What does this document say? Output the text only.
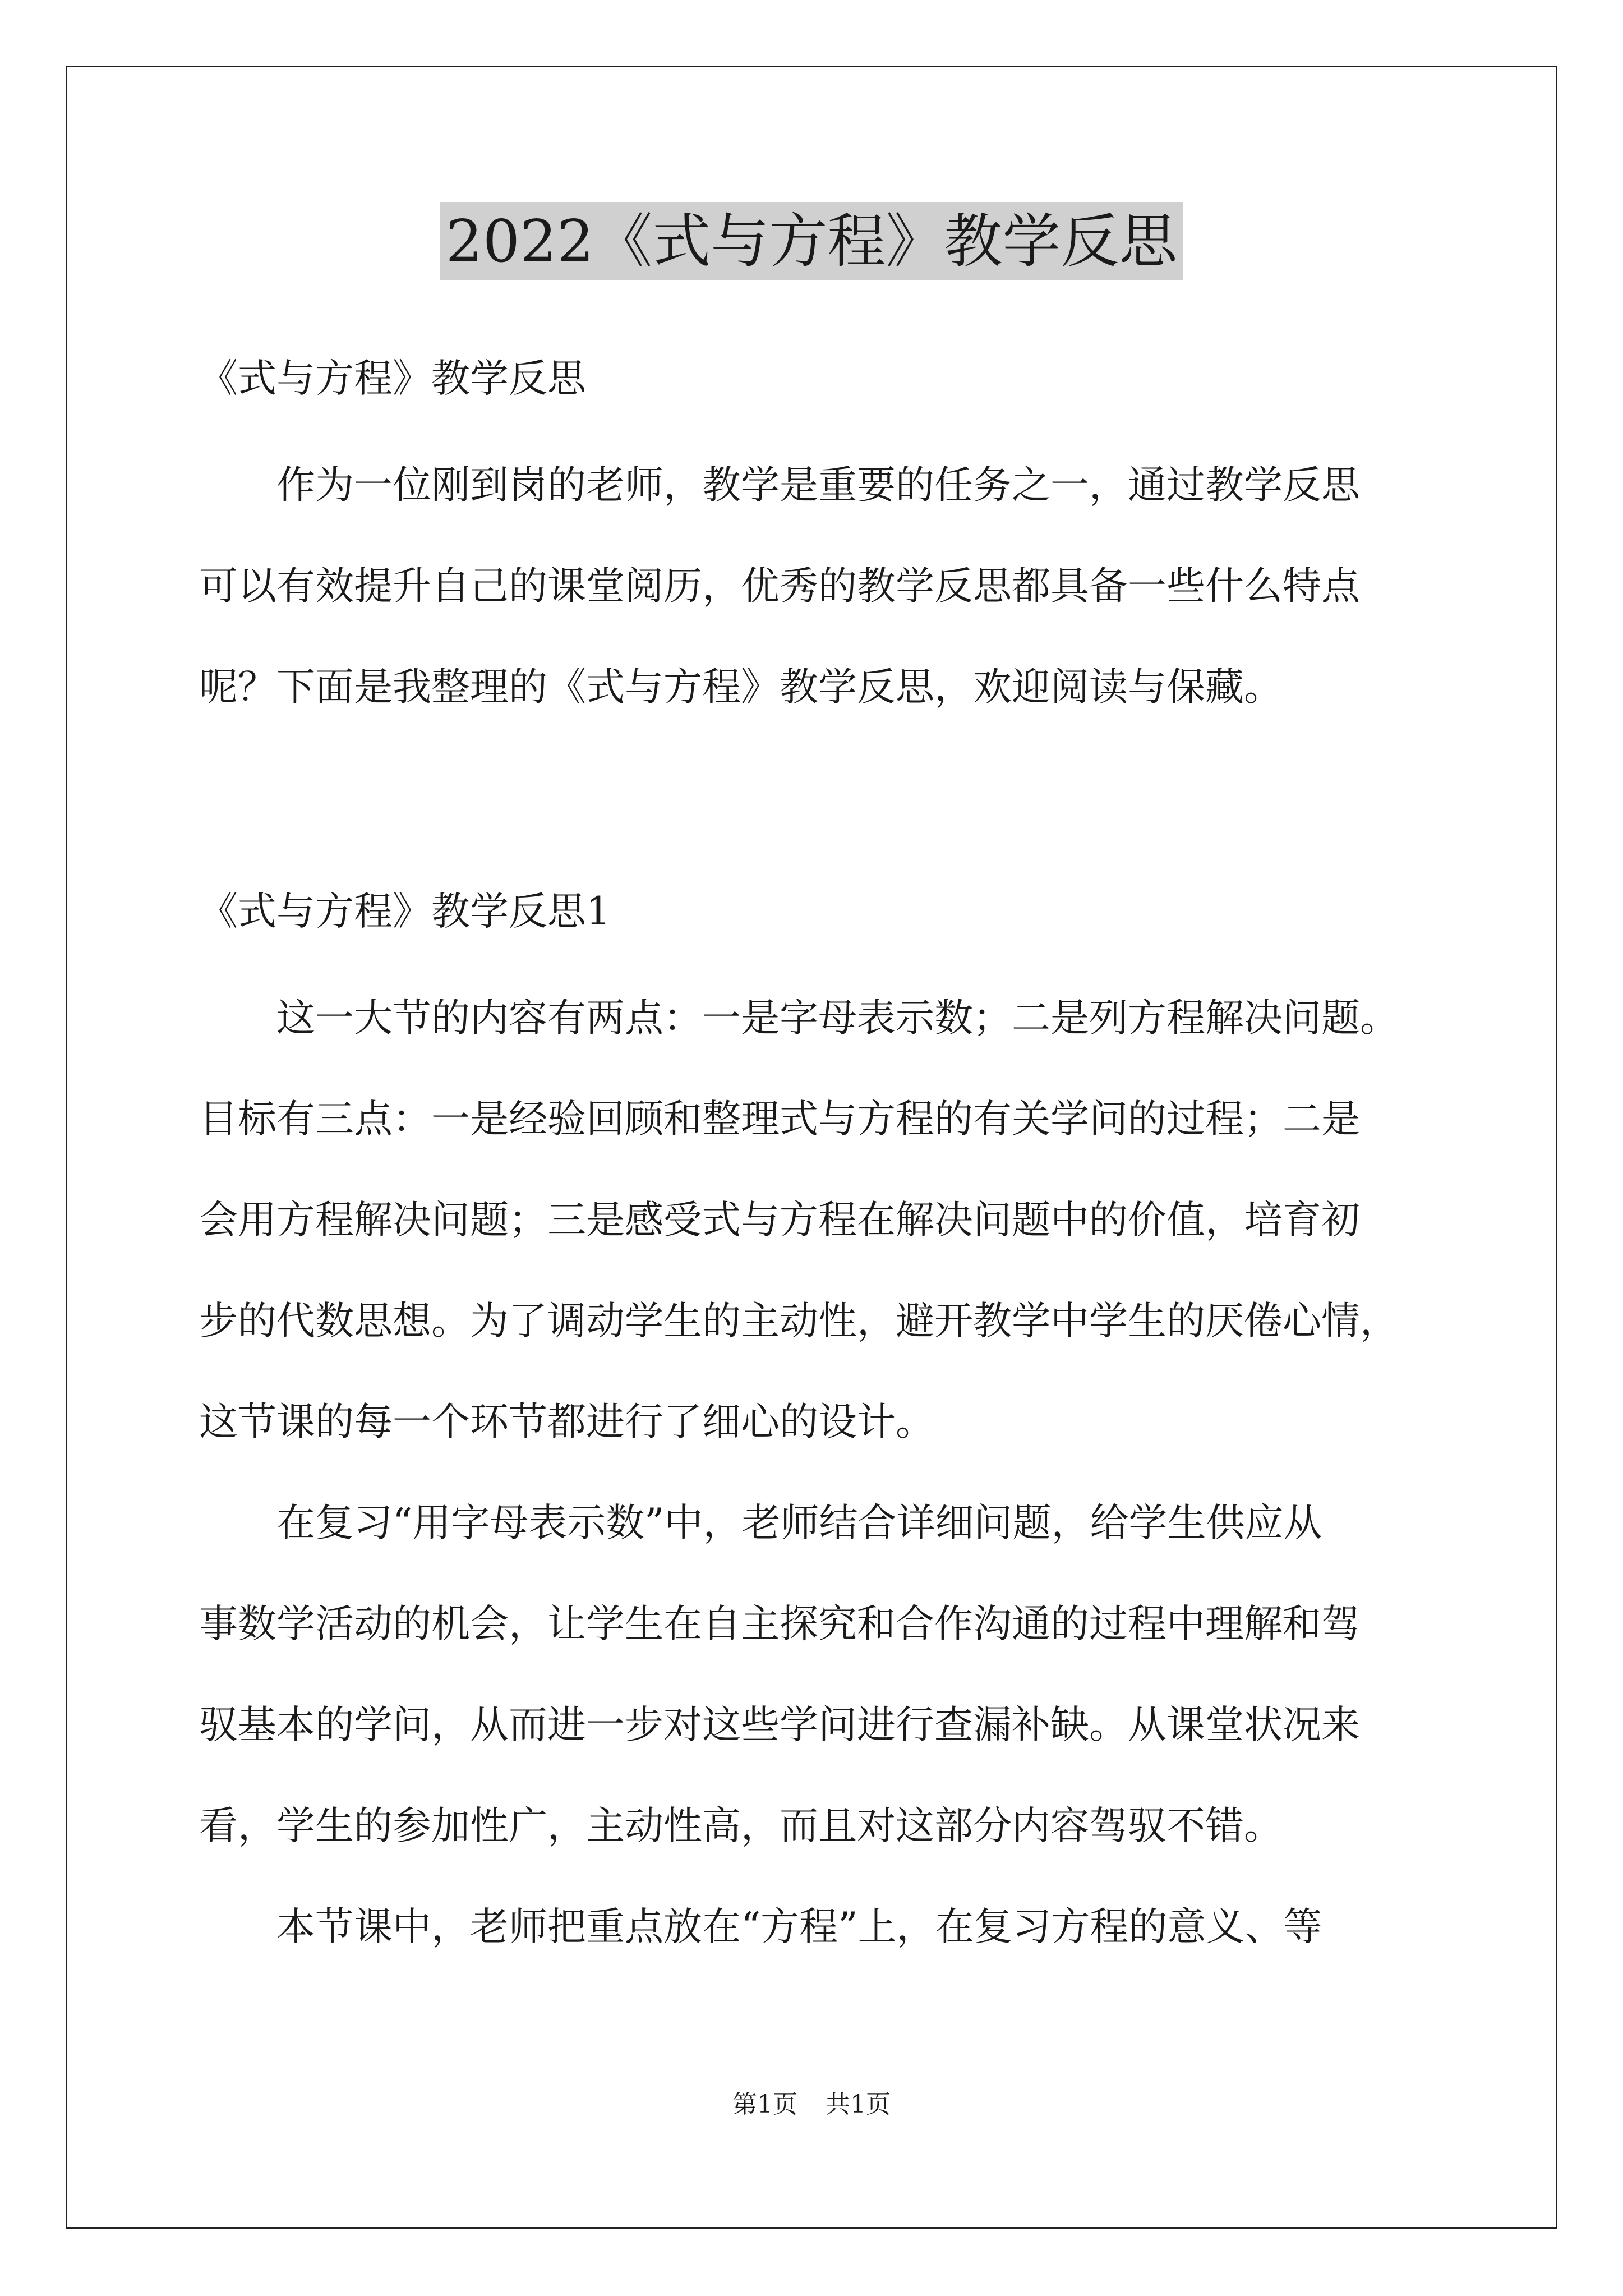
2022《式与方程》教学反思
《式与方程》教学反思
　　作为一位刚到岗的老师，教学是重要的任务之一，通过教学反思
可以有效提升自己的课堂阅历，优秀的教学反思都具备一些什么特点
呢？下面是我整理的《式与方程》教学反思，欢迎阅读与保藏。
《式与方程》教学反思1
　　这一大节的内容有两点：一是字母表示数；二是列方程解决问题。
目标有三点：一是经验回顾和整理式与方程的有关学问的过程；二是
会用方程解决问题；三是感受式与方程在解决问题中的价值，培育初
步的代数思想。为了调动学生的主动性，避开教学中学生的厌倦心情，
这节课的每一个环节都进行了细心的设计。
　　在复习“用字母表示数”中，老师结合详细问题，给学生供应从
事数学活动的机会，让学生在自主探究和合作沟通的过程中理解和驾
驭基本的学问，从而进一步对这些学问进行查漏补缺。从课堂状况来
看，学生的参加性广，主动性高，而且对这部分内容驾驭不错。
　　本节课中，老师把重点放在“方程”上，在复习方程的意义、等
第1页 共1页
